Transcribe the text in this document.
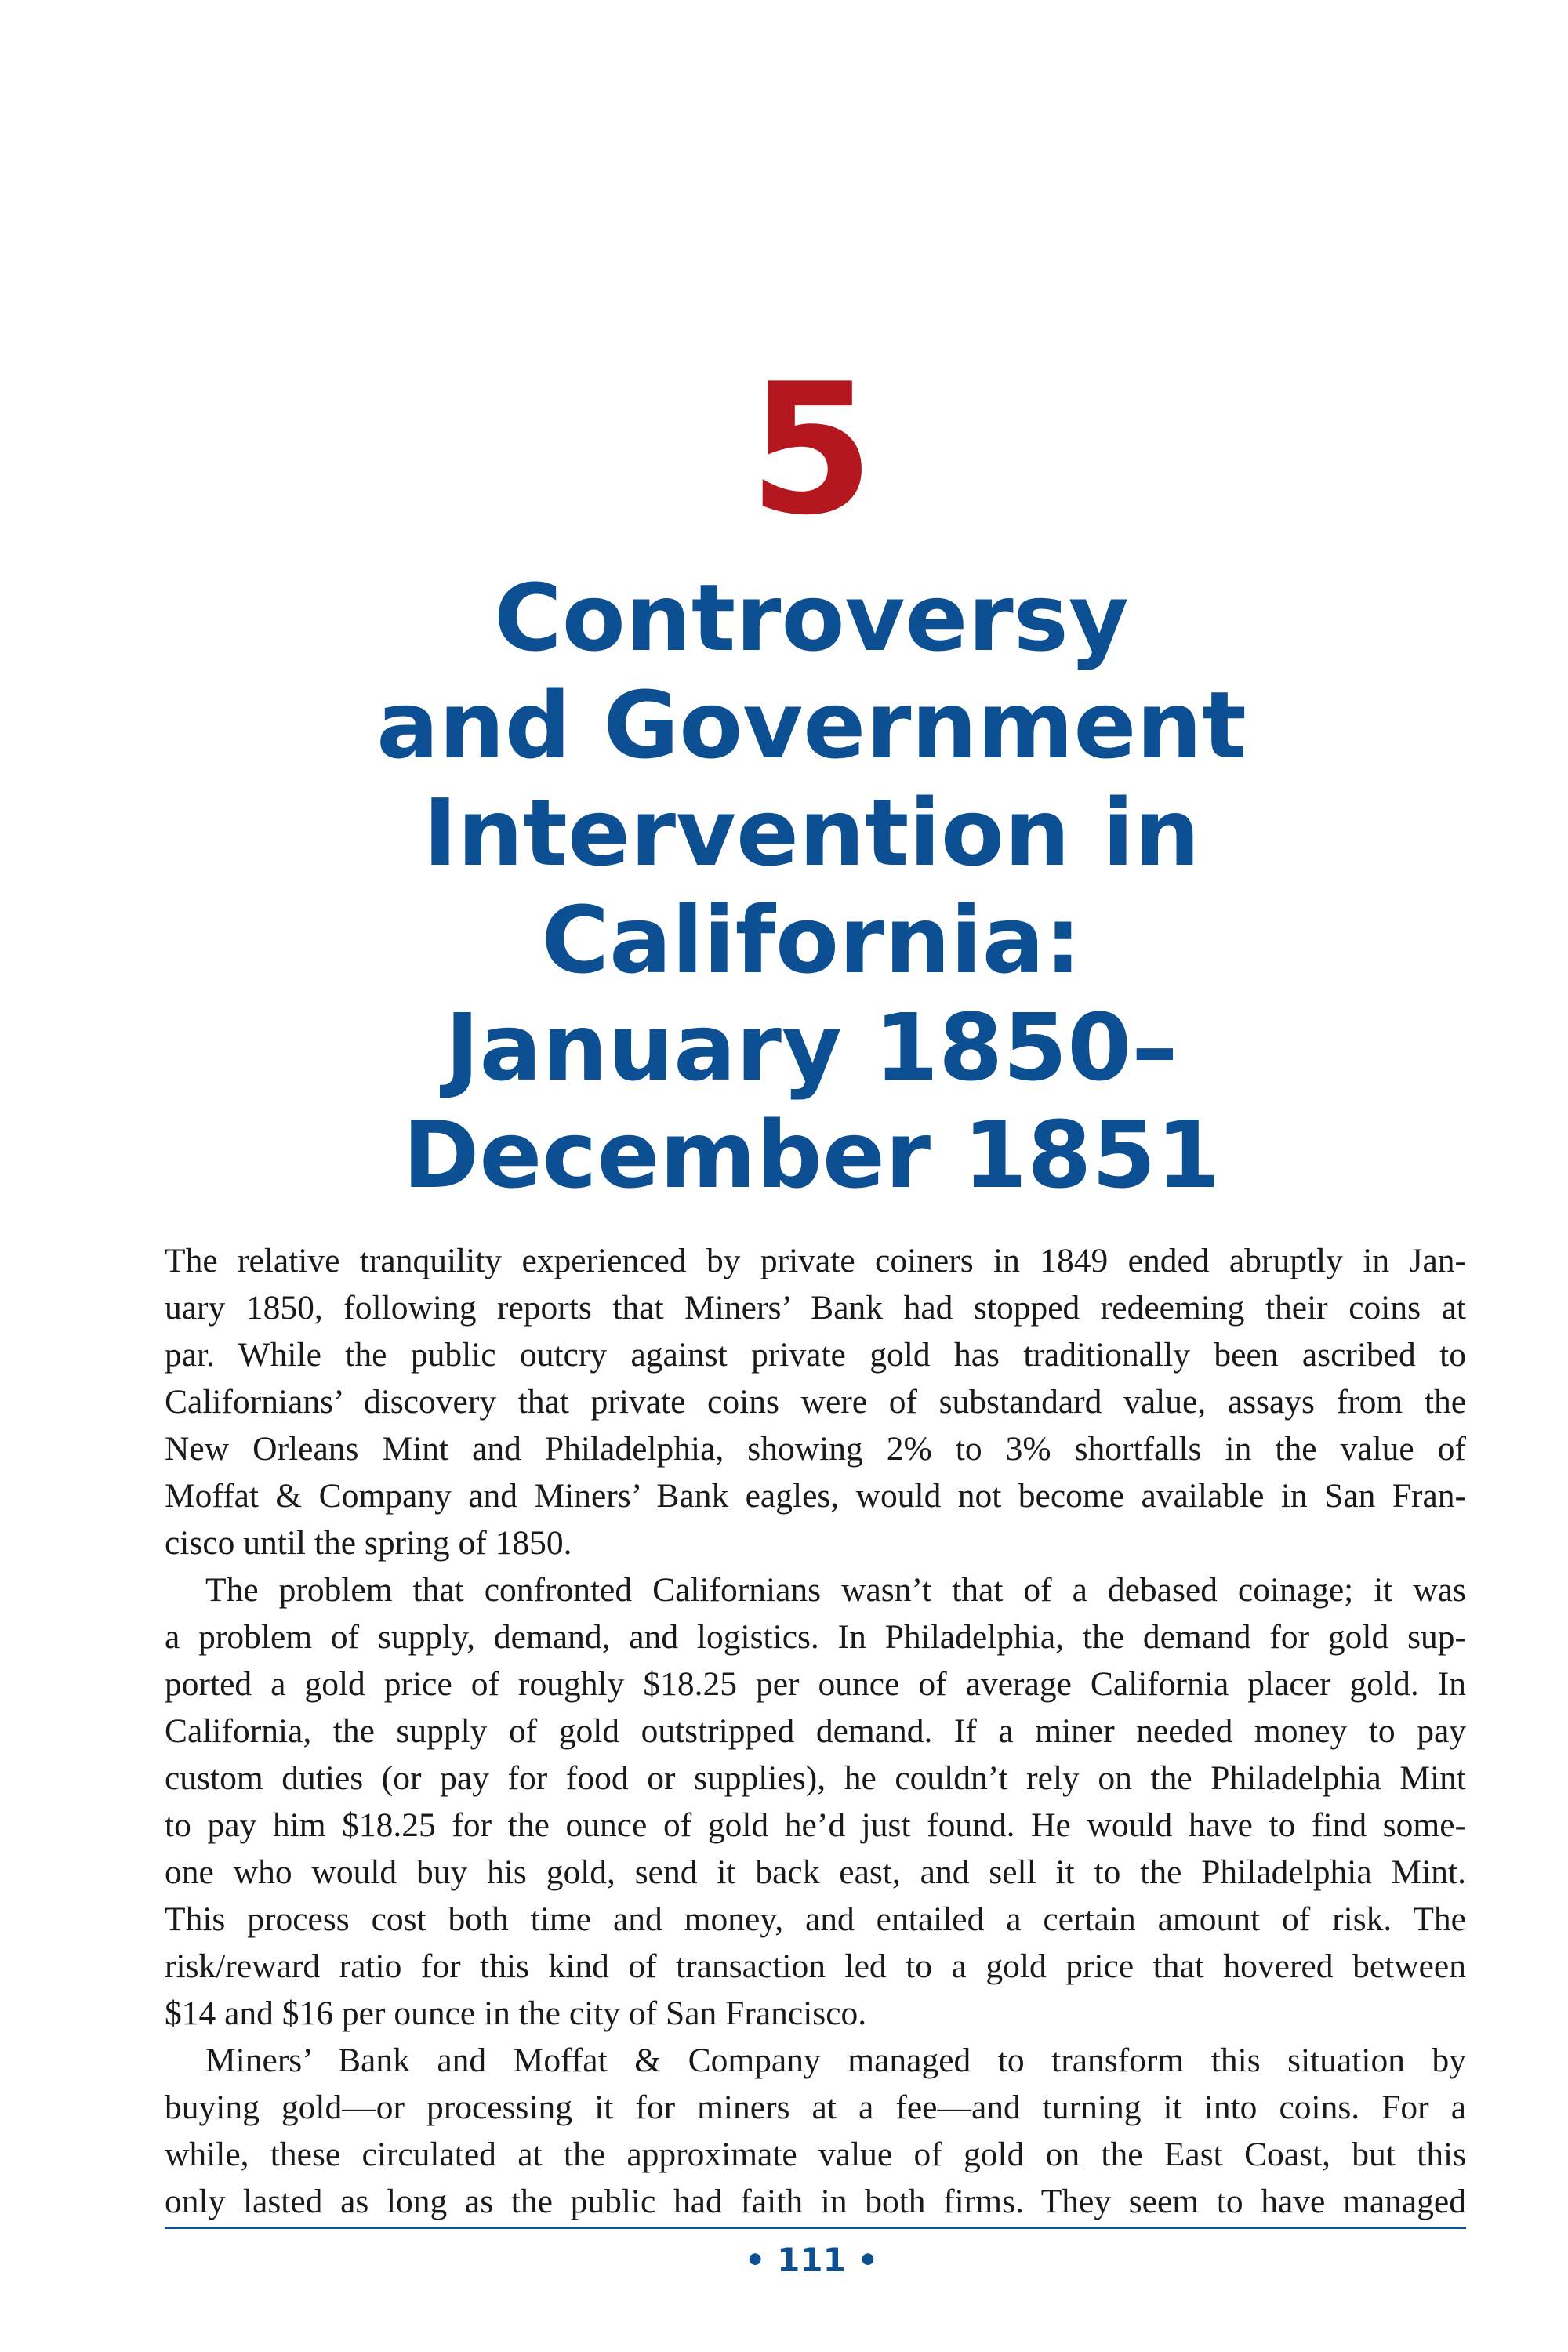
5
Controversy
and Government
Intervention in
California:
January 1850–
December 1851
The relative tranquility experienced by private coiners in 1849 ended abruptly in Jan-
uary 1850, following reports that Miners’ Bank had stopped redeeming their coins at
par. While the public outcry against private gold has traditionally been ascribed to
Californians’ discovery that private coins were of substandard value, assays from the
New Orleans Mint and Philadelphia, showing 2% to 3% shortfalls in the value of
Moffat & Company and Miners’ Bank eagles, would not become available in San Fran-
cisco until the spring of 1850.
The problem that confronted Californians wasn’t that of a debased coinage; it was
a problem of supply, demand, and logistics. In Philadelphia, the demand for gold sup-
ported a gold price of roughly $18.25 per ounce of average California placer gold. In
California, the supply of gold outstripped demand. If a miner needed money to pay
custom duties (or pay for food or supplies), he couldn’t rely on the Philadelphia Mint
to pay him $18.25 for the ounce of gold he’d just found. He would have to find some-
one who would buy his gold, send it back east, and sell it to the Philadelphia Mint.
This process cost both time and money, and entailed a certain amount of risk. The
risk/reward ratio for this kind of transaction led to a gold price that hovered between
$14 and $16 per ounce in the city of San Francisco.
Miners’ Bank and Moffat & Company managed to transform this situation by
buying gold—or processing it for miners at a fee—and turning it into coins. For a
while, these circulated at the approximate value of gold on the East Coast, but this
only lasted as long as the public had faith in both firms. They seem to have managed
• 111 •
